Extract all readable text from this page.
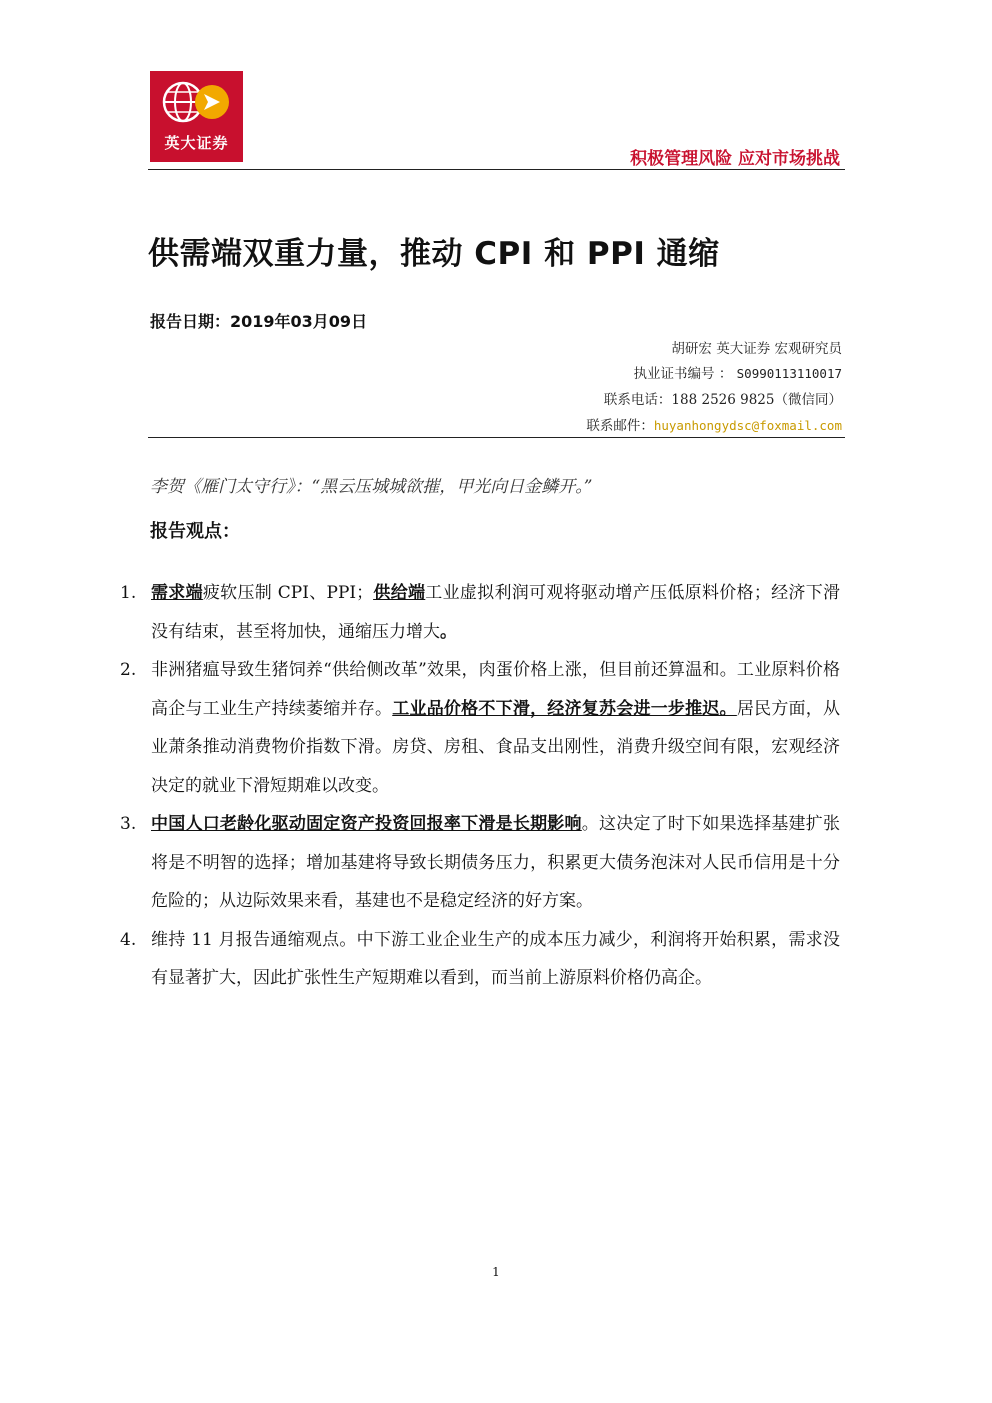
英大证券
积极管理风险 应对市场挑战
供需端双重力量，推动 CPI 和 PPI 通缩
报告日期：2019年03月09日
胡研宏 英大证券 宏观研究员
执业证书编号 ： S0990113110017
联系电话：188 2526 9825（微信同）
联系邮件：huyanhongydsc@foxmail.com
李贺《雁门太守行》：“黑云压城城欲摧，甲光向日金鳞开。”
报告观点：
1. 需求端疲软压制 CPI、PPI；供给端工业虚拟利润可观将驱动增产压低原料价格；经济下滑没有结束，甚至将加快，通缩压力增大。
2. 非洲猪瘟导致生猪饲养“供给侧改革”效果，肉蛋价格上涨，但目前还算温和。工业原料价格高企与工业生产持续萎缩并存。工业品价格不下滑，经济复苏会进一步推迟。居民方面，从业萧条推动消费物价指数下滑。房贷、房租、食品支出刚性，消费升级空间有限，宏观经济决定的就业下滑短期难以改变。
3. 中国人口老龄化驱动固定资产投资回报率下滑是长期影响。这决定了时下如果选择基建扩张将是不明智的选择；增加基建将导致长期债务压力，积累更大债务泡沫对人民币信用是十分危险的；从边际效果来看，基建也不是稳定经济的好方案。
4. 维持 11 月报告通缩观点。中下游工业企业生产的成本压力减少，利润将开始积累，需求没有显著扩大，因此扩张性生产短期难以看到，而当前上游原料价格仍高企。
1
